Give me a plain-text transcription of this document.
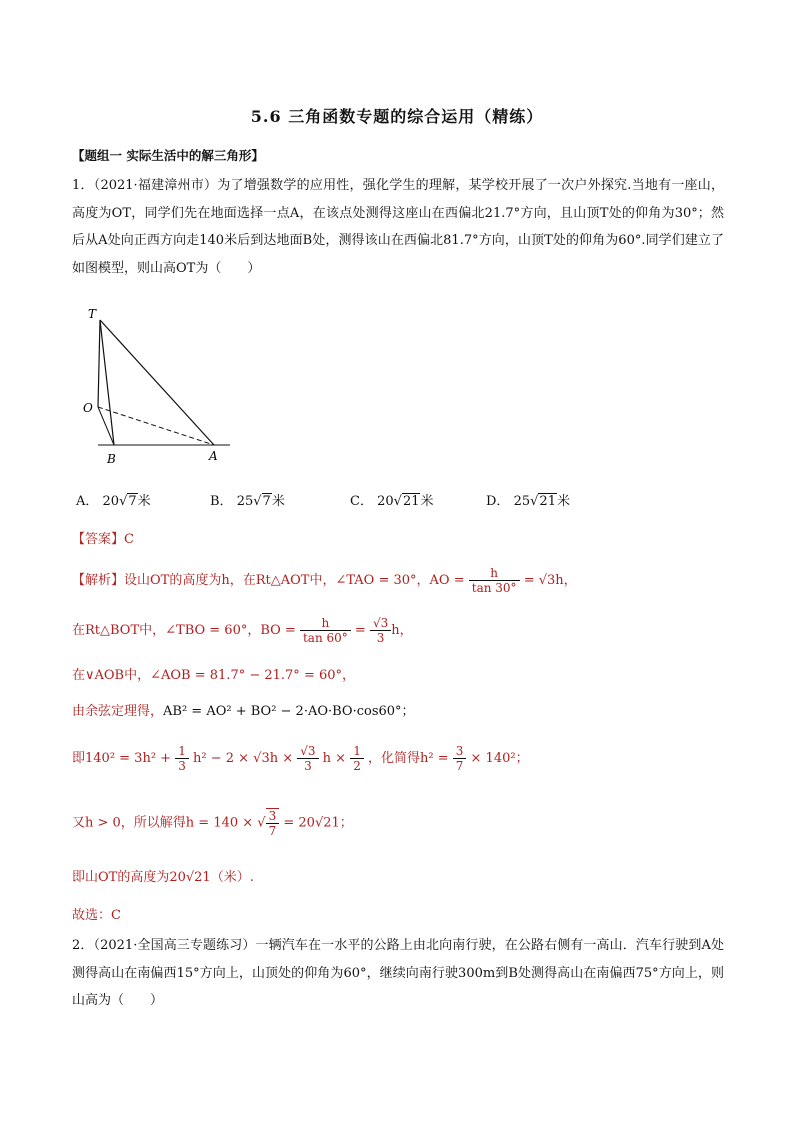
5.6 三角函数专题的综合运用（精练）
【题组一 实际生活中的解三角形】
1．（2021·福建漳州市）为了增强数学的应用性，强化学生的理解，某学校开展了一次户外探究.当地有一座山，高度为OT，同学们先在地面选择一点A，在该点处测得这座山在西偏北21.7°方向，且山顶T处的仰角为30°；然后从A处向正西方向走140米后到达地面B处，测得该山在西偏北81.7°方向，山顶T处的仰角为60°.同学们建立了如图模型，则山高OT为（　　）
T
O
B	A
A． 20√7米	B． 25√7米	C． 20√21米	D． 25√21米
【答案】C
【解析】设山OT的高度为h，在Rt△AOT中，∠TAO = 30°，AO = $\frac{h}{\tan 30^\circ} = √3h$，
在Rt△BOT中，∠TBO = 60°，BO = $\frac{h}{\tan 60^\circ} = \frac{√3}{3}$ h，
在∨AOB中，∠AOB = 81.7° − 21.7° = 60°，
由余弦定理得，AB² = AO² + BO² − 2·AO·BO·cos60°；
即$140^2 = 3h^2 + \frac{1}{3} h^2 - 2 \times √3h \times \frac{√3}{3}$ $h \times \frac{1}{2}$ ，化简得$h^2 = \frac{3}{7} \times 140^2$；
又h > 0，所以解得h = 140 × √ $\frac{3}{7} = 20√21$；
即山OT的高度为20√21（米）.
故选：C
2．（2021·全国高三专题练习）一辆汽车在一水平的公路上由北向南行驶，在公路右侧有一高山．汽车行驶到A处测得高山在南偏西15°方向上，山顶处的仰角为60°，继续向南行驶300m到B处测得高山在南偏西75°方向上，则山高为（　　）
